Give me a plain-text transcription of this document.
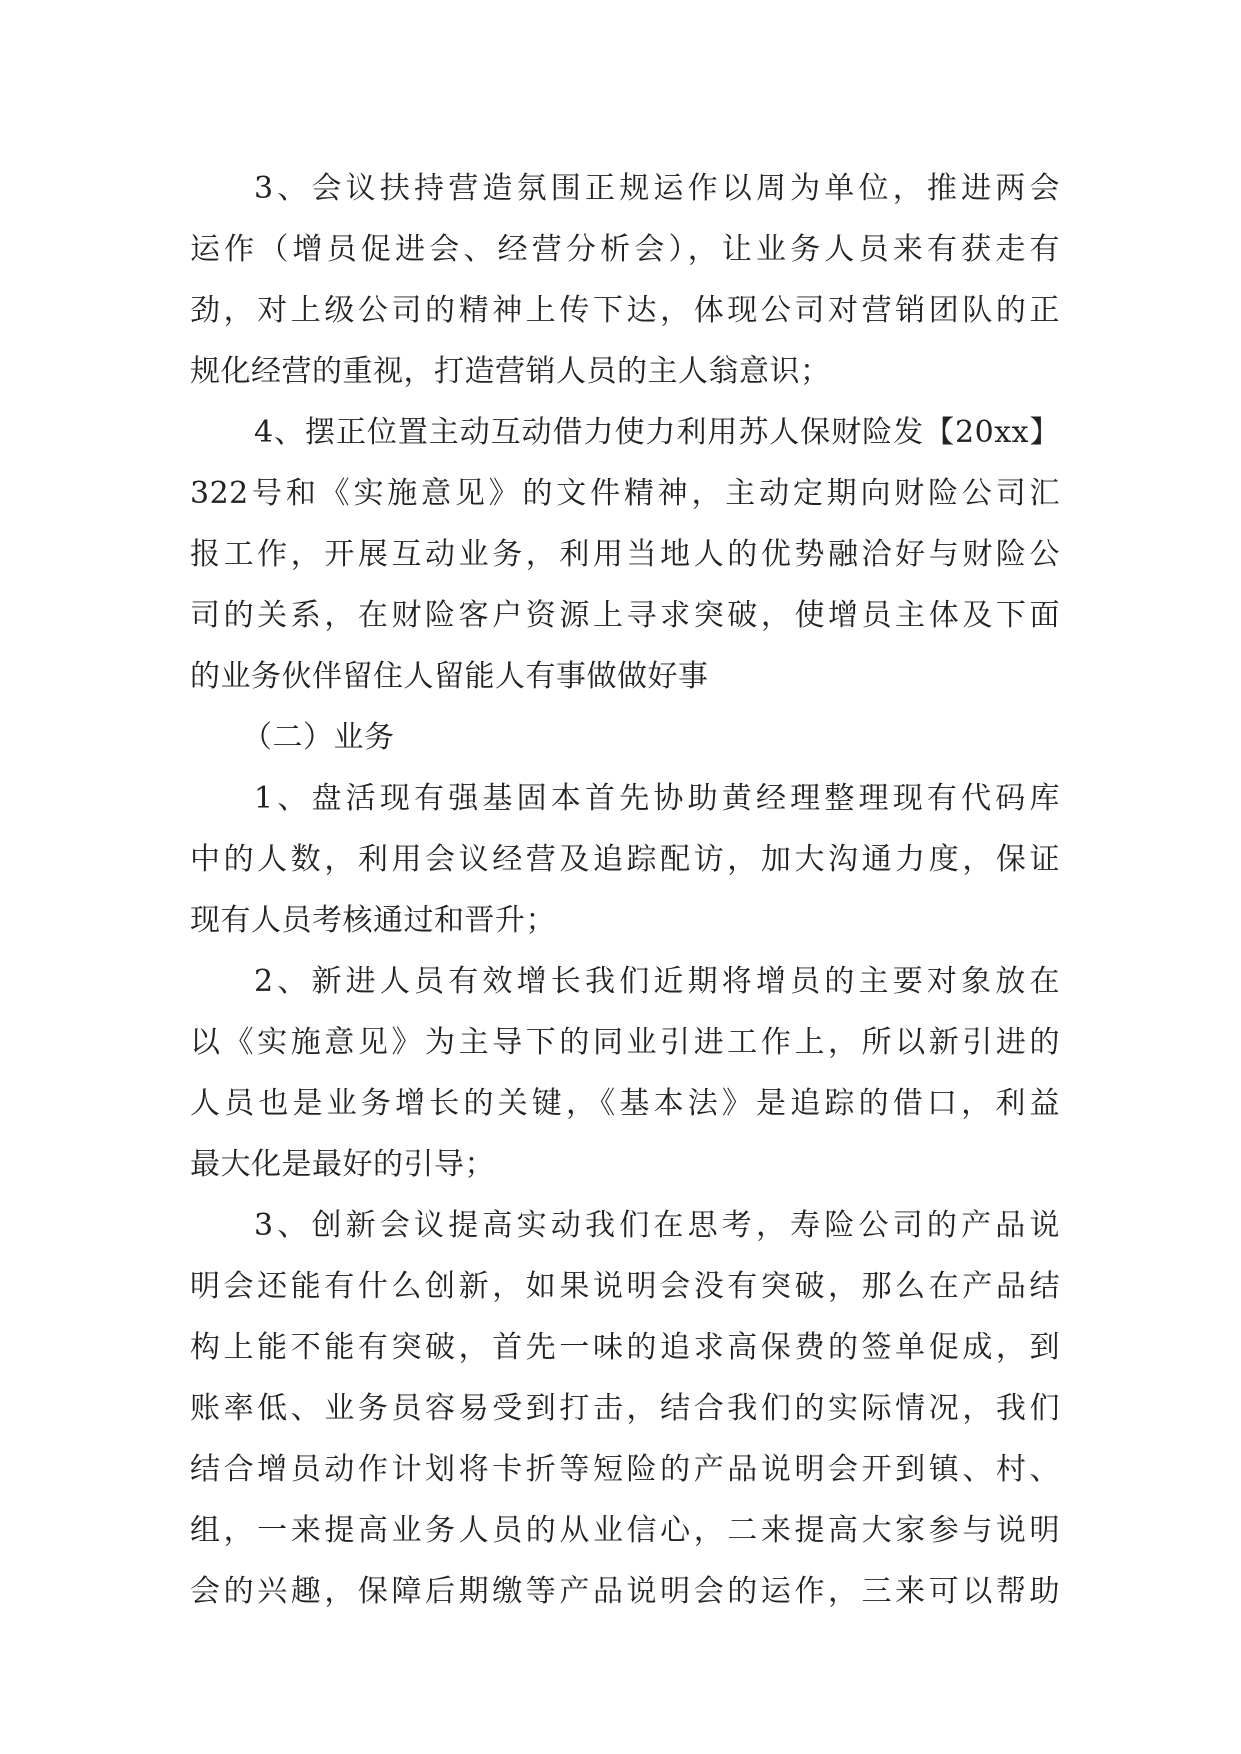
3、会议扶持营造氛围正规运作以周为单位，推进两会
运作（增员促进会、经营分析会），让业务人员来有获走有
劲，对上级公司的精神上传下达，体现公司对营销团队的正
规化经营的重视，打造营销人员的主人翁意识；
4、摆正位置主动互动借力使力利用苏人保财险发【20xx】
322号和《实施意见》的文件精神，主动定期向财险公司汇
报工作，开展互动业务，利用当地人的优势融洽好与财险公
司的关系，在财险客户资源上寻求突破，使增员主体及下面
的业务伙伴留住人留能人有事做做好事
（二）业务
1、盘活现有强基固本首先协助黄经理整理现有代码库
中的人数，利用会议经营及追踪配访，加大沟通力度，保证
现有人员考核通过和晋升；
2、新进人员有效增长我们近期将增员的主要对象放在
以《实施意见》为主导下的同业引进工作上，所以新引进的
人员也是业务增长的关键，《基本法》是追踪的借口，利益
最大化是最好的引导；
3、创新会议提高实动我们在思考，寿险公司的产品说
明会还能有什么创新，如果说明会没有突破，那么在产品结
构上能不能有突破，首先一味的追求高保费的签单促成，到
账率低、业务员容易受到打击，结合我们的实际情况，我们
结合增员动作计划将卡折等短险的产品说明会开到镇、村、
组，一来提高业务人员的从业信心，二来提高大家参与说明
会的兴趣，保障后期缴等产品说明会的运作，三来可以帮助
